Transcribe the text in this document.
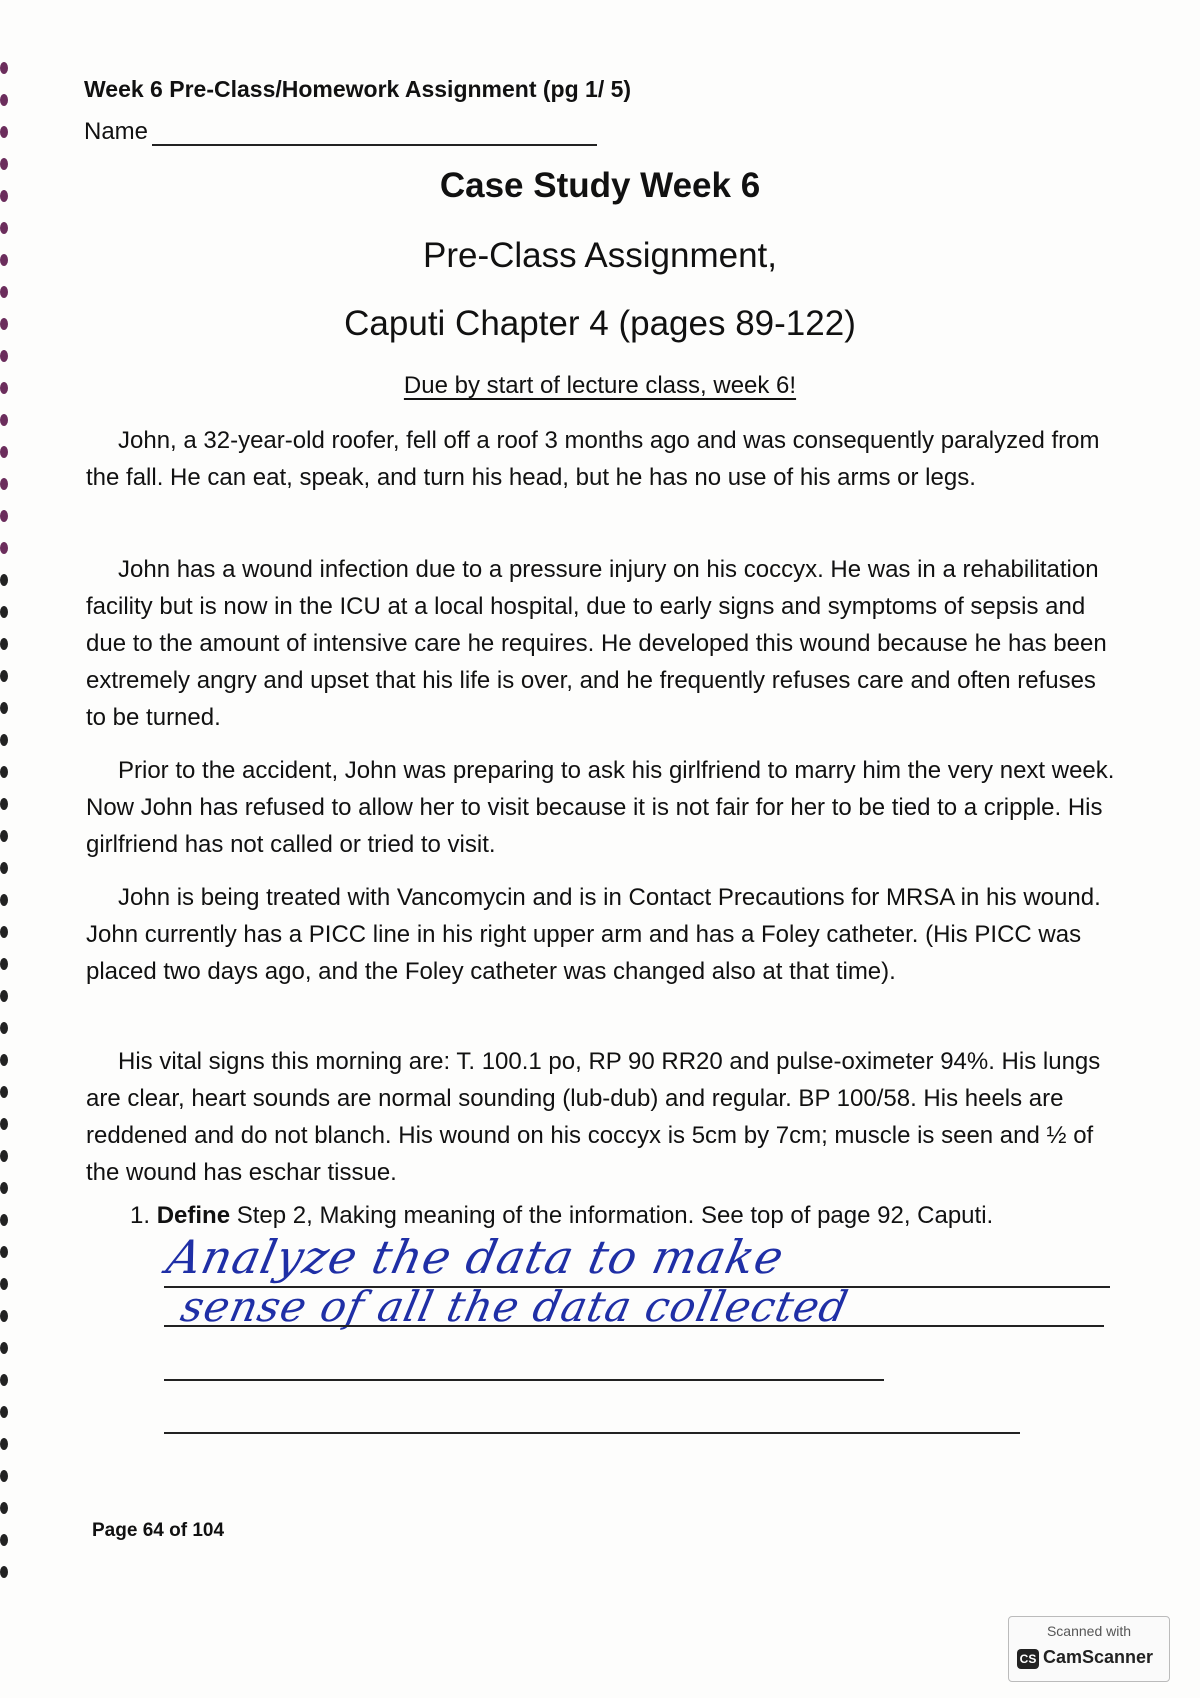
Week 6 Pre-Class/Homework Assignment (pg 1/ 5)
Name
Case Study Week 6
Pre-Class Assignment,
Caputi Chapter 4 (pages 89-122)
Due by start of lecture class, week 6!
John, a 32-year-old roofer, fell off a roof 3 months ago and was consequently paralyzed from the fall. He can eat, speak, and turn his head, but he has no use of his arms or legs.
John has a wound infection due to a pressure injury on his coccyx. He was in a rehabilitation facility but is now in the ICU at a local hospital, due to early signs and symptoms of sepsis and due to the amount of intensive care he requires. He developed this wound because he has been extremely angry and upset that his life is over, and he frequently refuses care and often refuses to be turned.
Prior to the accident, John was preparing to ask his girlfriend to marry him the very next week. Now John has refused to allow her to visit because it is not fair for her to be tied to a cripple. His girlfriend has not called or tried to visit.
John is being treated with Vancomycin and is in Contact Precautions for MRSA in his wound. John currently has a PICC line in his right upper arm and has a Foley catheter. (His PICC was placed two days ago, and the Foley catheter was changed also at that time).
His vital signs this morning are: T. 100.1 po, RP 90 RR20 and pulse-oximeter 94%. His lungs are clear, heart sounds are normal sounding (lub-dub) and regular. BP 100/58. His heels are reddened and do not blanch. His wound on his coccyx is 5cm by 7cm; muscle is seen and ½ of the wound has eschar tissue.
1. Define Step 2, Making meaning of the information. See top of page 92, Caputi.
Analyze the data to make
sense of all the data collected
Page 64 of 104
Scanned with
CS CamScanner
